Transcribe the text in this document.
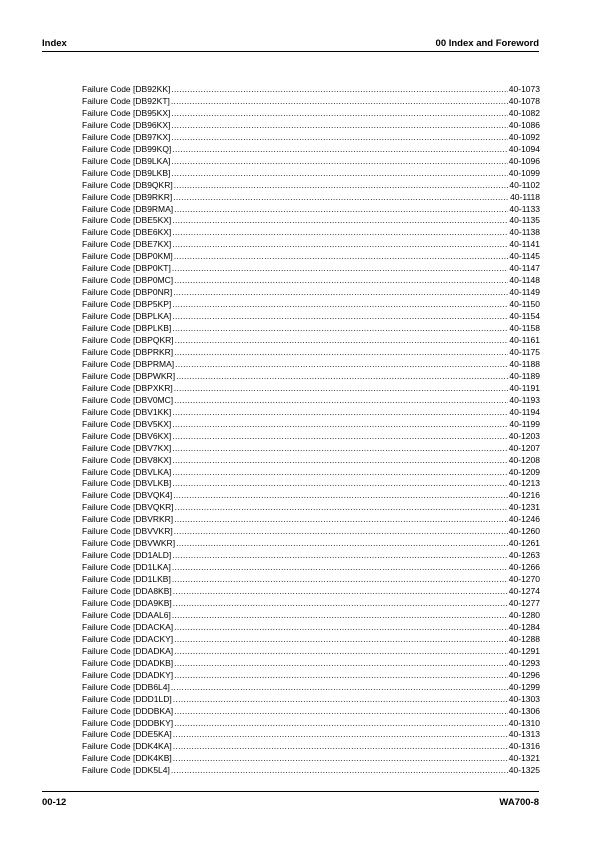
Index	00 Index and Foreword
Failure Code [DB92KK] .....	40-1073
Failure Code [DB92KT] .....	40-1078
Failure Code [DB95KX] .....	40-1082
Failure Code [DB96KX] .....	40-1086
Failure Code [DB97KX] .....	40-1092
Failure Code [DB99KQ] .....	40-1094
Failure Code [DB9LKA] .....	40-1096
Failure Code [DB9LKB] .....	40-1099
Failure Code [DB9QKR] .....	40-1102
Failure Code [DB9RKR] .....	40-1118
Failure Code [DB9RMA] .....	40-1133
Failure Code [DBE5KX] .....	40-1135
Failure Code [DBE6KX] .....	40-1138
Failure Code [DBE7KX] .....	40-1141
Failure Code [DBP0KM] .....	40-1145
Failure Code [DBP0KT] .....	40-1147
Failure Code [DBP0MC] .....	40-1148
Failure Code [DBP0NR] .....	40-1149
Failure Code [DBP5KP] .....	40-1150
Failure Code [DBPLKA] .....	40-1154
Failure Code [DBPLKB] .....	40-1158
Failure Code [DBPQKR] .....	40-1161
Failure Code [DBPRKR] .....	40-1175
Failure Code [DBPRMA] .....	40-1188
Failure Code [DBPWKR] .....	40-1189
Failure Code [DBPXKR] .....	40-1191
Failure Code [DBV0MC] .....	40-1193
Failure Code [DBV1KK] .....	40-1194
Failure Code [DBV5KX] .....	40-1199
Failure Code [DBV6KX] .....	40-1203
Failure Code [DBV7KX] .....	40-1207
Failure Code [DBV8KX] .....	40-1208
Failure Code [DBVLKA] .....	40-1209
Failure Code [DBVLKB] .....	40-1213
Failure Code [DBVQK4] .....	40-1216
Failure Code [DBVQKR] .....	40-1231
Failure Code [DBVRKR] .....	40-1246
Failure Code [DBVVKR] .....	40-1260
Failure Code [DBVWKR] .....	40-1261
Failure Code [DD1ALD] .....	40-1263
Failure Code [DD1LKA] .....	40-1266
Failure Code [DD1LKB] .....	40-1270
Failure Code [DDA8KB] .....	40-1274
Failure Code [DDA9KB] .....	40-1277
Failure Code [DDAAL6] .....	40-1280
Failure Code [DDACKA] .....	40-1284
Failure Code [DDACKY] .....	40-1288
Failure Code [DDADKA] .....	40-1291
Failure Code [DDADKB] .....	40-1293
Failure Code [DDADKY] .....	40-1296
Failure Code [DDB6L4] .....	40-1299
Failure Code [DDD1LD] .....	40-1303
Failure Code [DDDBKA] .....	40-1306
Failure Code [DDDBKY] .....	40-1310
Failure Code [DDE5KA] .....	40-1313
Failure Code [DDK4KA] .....	40-1316
Failure Code [DDK4KB] .....	40-1321
Failure Code [DDK5L4] .....	40-1325
00-12	WA700-8
